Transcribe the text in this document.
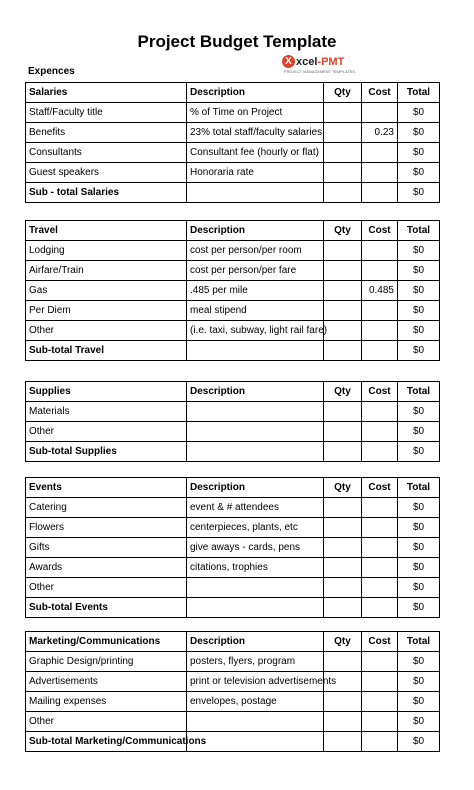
Project Budget Template
X xcel-PMT
PROJECT MANAGEMENT TEMPLATES
Expences
Salaries	Description	Qty	Cost	Total
Staff/Faculty title	% of Time on Project			$0
Benefits	23% total staff/faculty salaries		0.23	$0
Consultants	Consultant fee (hourly or flat)			$0
Guest speakers	Honoraria rate			$0
Sub - total Salaries				$0
Travel	Description	Qty	Cost	Total
Lodging	cost per person/per room			$0
Airfare/Train	cost per person/per fare			$0
Gas	.485 per mile		0.485	$0
Per Diem	meal stipend			$0
Other	(i.e. taxi, subway, light rail fare)			$0
Sub-total Travel				$0
Supplies	Description	Qty	Cost	Total
Materials				$0
Other				$0
Sub-total Supplies				$0
Events	Description	Qty	Cost	Total
Catering	event & # attendees			$0
Flowers	centerpieces, plants, etc			$0
Gifts	give aways - cards, pens			$0
Awards	citations, trophies			$0
Other				$0
Sub-total Events				$0
Marketing/Communications	Description	Qty	Cost	Total
Graphic Design/printing	posters, flyers, program			$0
Advertisements	print or television advertisements			$0
Mailing expenses	envelopes, postage			$0
Other				$0
Sub-total Marketing/Communications				$0
